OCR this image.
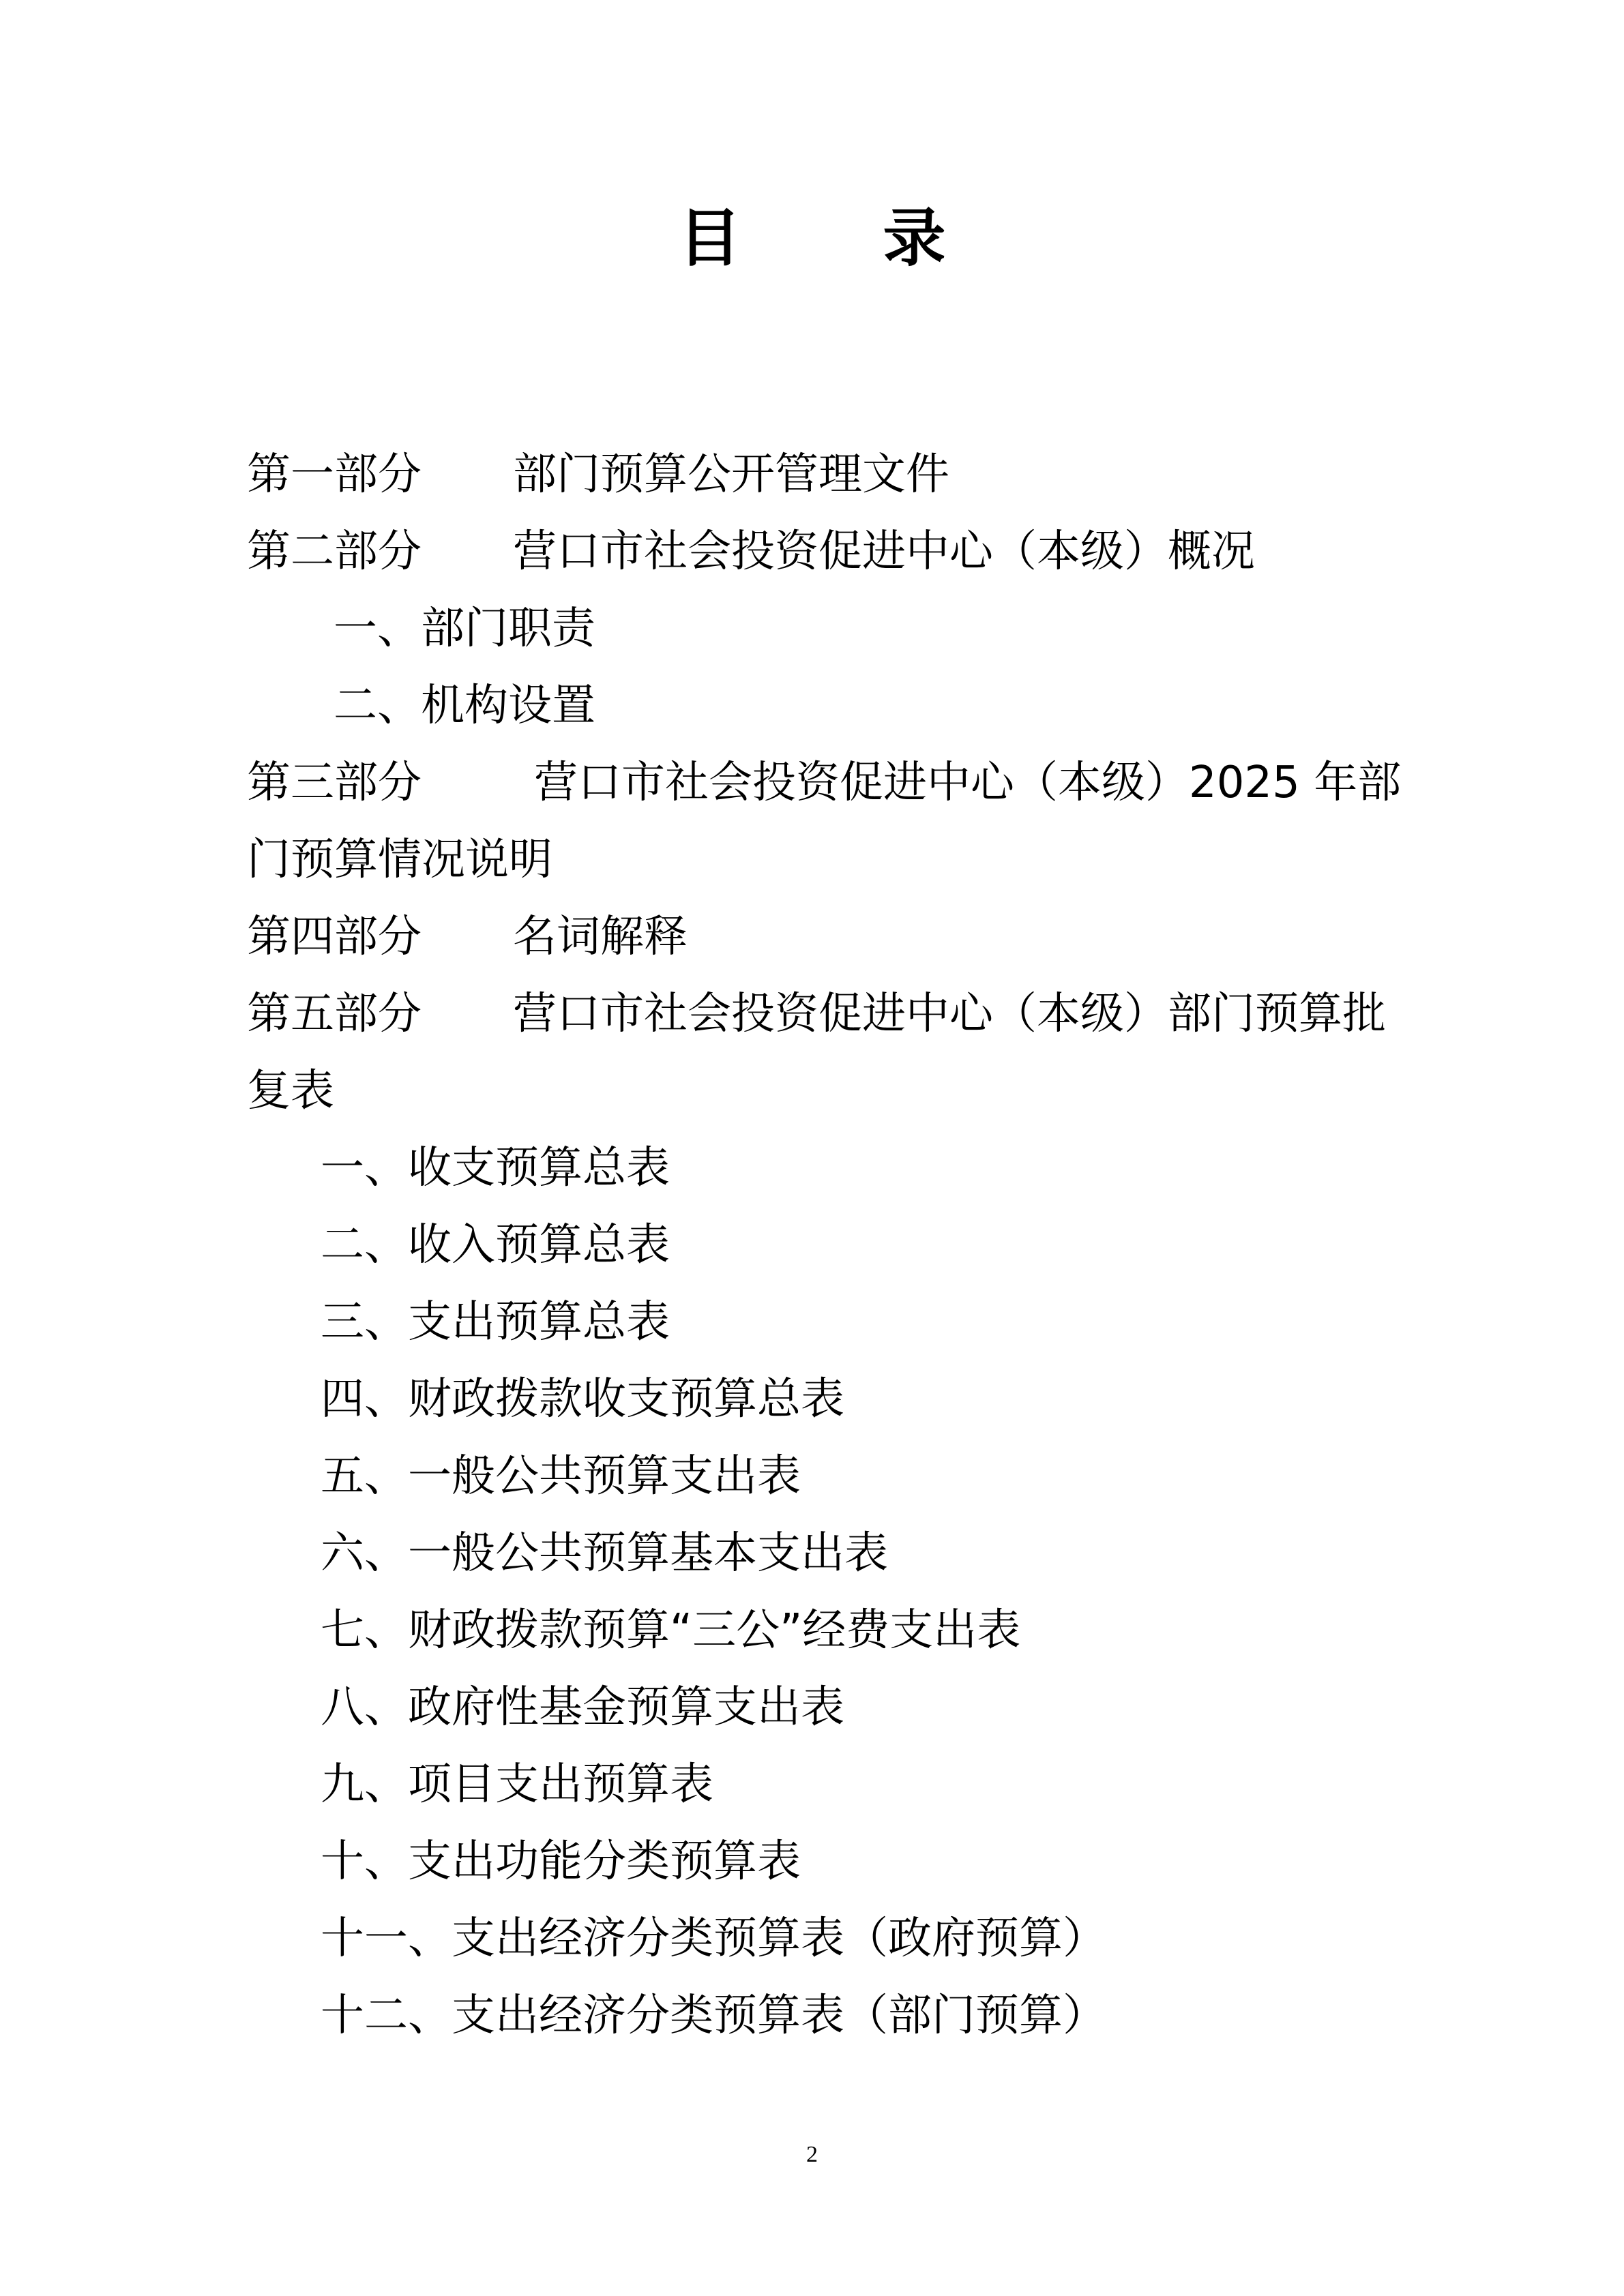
目 录
第一部分 部门预算公开管理文件
第二部分 营口市社会投资促进中心（本级）概况
一、部门职责
二、机构设置
第三部分	营口市社会投资促进中心（本级）2025 年部
门预算情况说明
第四部分 名词解释
第五部分 营口市社会投资促进中心（本级）部门预算批
复表
一、收支预算总表
二、收入预算总表
三、支出预算总表
四、财政拨款收支预算总表
五、一般公共预算支出表
六、一般公共预算基本支出表
七、财政拨款预算“三公”经费支出表
八、政府性基金预算支出表
九、项目支出预算表
十、支出功能分类预算表
十一、支出经济分类预算表（政府预算）
十二、支出经济分类预算表（部门预算）
2
